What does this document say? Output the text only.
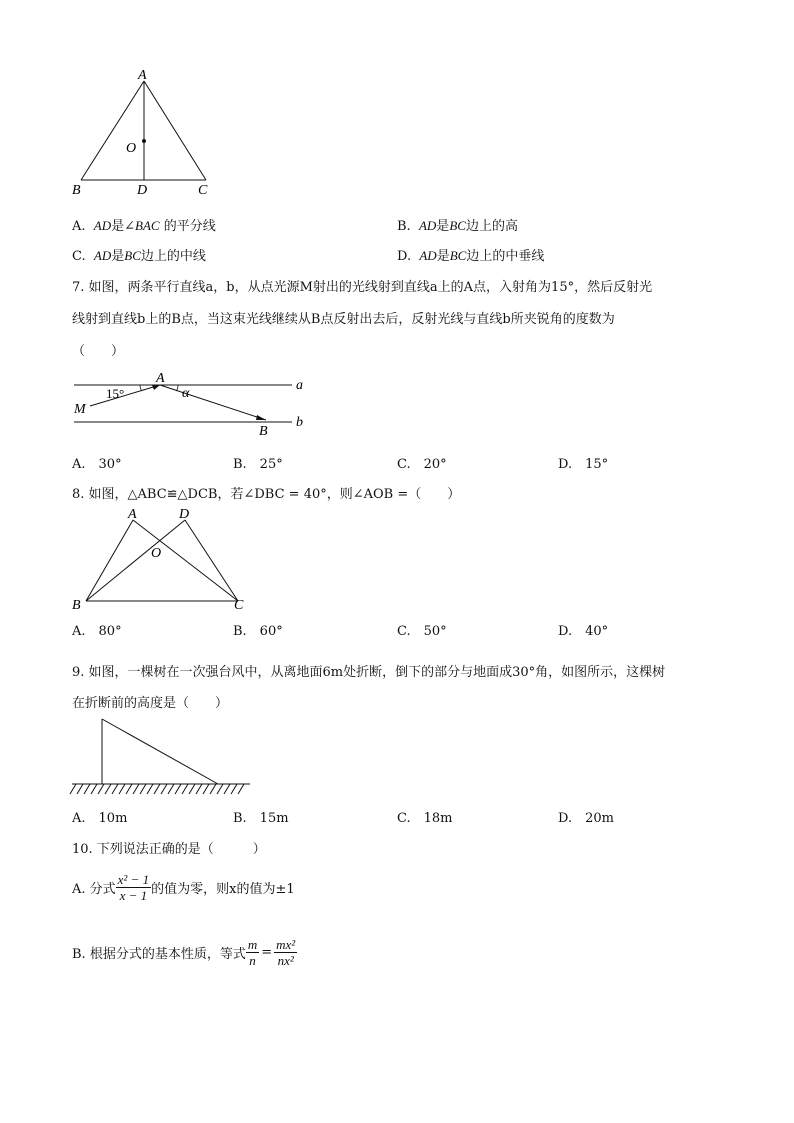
A
O
B	D	C
A. AD是∠BAC 的平分线	B. AD是BC边上的高
C. AD是BC边上的中线	D. AD是BC边上的中垂线
7. 如图，两条平行直线a，b，从点光源M射出的光线射到直线a上的A点，入射角为15°，然后反射光
线射到直线b上的B点，当这束光线继续从B点反射出去后，反射光线与直线b所夹锐角的度数为
（　　）
A
15°	α
M
B
a
b
A.　30°	B.　25°	C.　20°	D.　15°
8. 如图，△ABC≌△DCB，若∠DBC = 40°，则∠AOB =（　　）
A	D
O
B	C
A.　80°	B.　60°	C.　50°	D.　40°
9. 如图，一棵树在一次强台风中，从离地面6m处折断，倒下的部分与地面成30°角，如图所示，这棵树
在折断前的高度是（　　）
A.　10m	B.　15m	C.　18m	D.　20m
10. 下列说法正确的是（　　　）
A. 分式 $\frac{\text{x² − 1}}{x - 1}$ 的值为零，则x的值为±1
B. 根据分式的基本性质，等式 $\frac{m}{n} = \frac{\text{mx²}}{\text{nx²}}$
